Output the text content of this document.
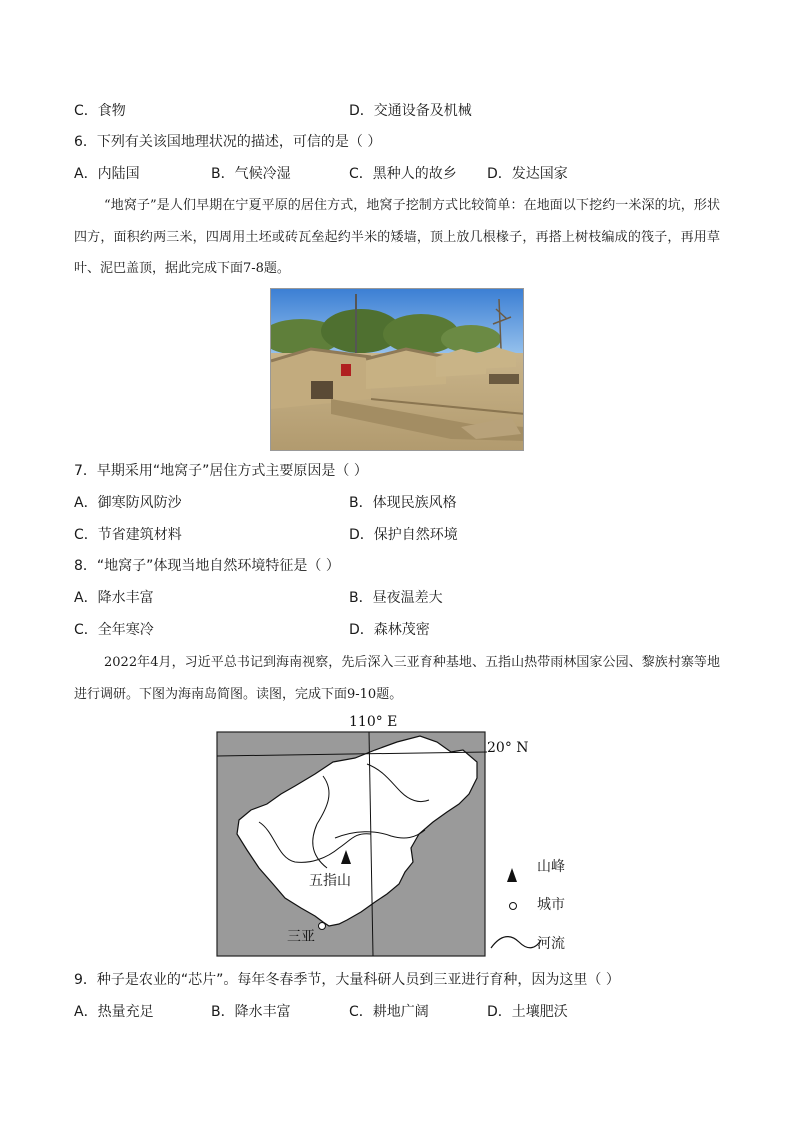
C．食物	D．交通设备及机械
6．下列有关该国地理状况的描述，可信的是（ ）
A．内陆国	B．气候冷湿	C．黑种人的故乡 D．发达国家
“地窝子”是人们早期在宁夏平原的居住方式，地窝子挖制方式比较简单：在地面以下挖约一米深的坑，形状四方，面积约两三米，四周用土坯或砖瓦垒起约半米的矮墙，顶上放几根椽子，再搭上树枝编成的筏子，再用草叶、泥巴盖顶，据此完成下面7-8题。
7．早期采用“地窝子”居住方式主要原因是（ ）
A．御寒防风防沙	B．体现民族风格
C．节省建筑材料	D．保护自然环境
8．“地窝子”体现当地自然环境特征是（ ）
A．降水丰富	B．昼夜温差大
C．全年寒冷	D．森林茂密
2022年4月，习近平总书记到海南视察，先后深入三亚育种基地、五指山热带雨林国家公园、黎族村寨等地进行调研。下图为海南岛简图。读图，完成下面9-10题。
110° E
20° N
五指山
三亚
山峰
城市
河流
9．种子是农业的“芯片”。每年冬春季节，大量科研人员到三亚进行育种，因为这里（ ）
A．热量充足	B．降水丰富	C．耕地广阔	D．土壤肥沃
